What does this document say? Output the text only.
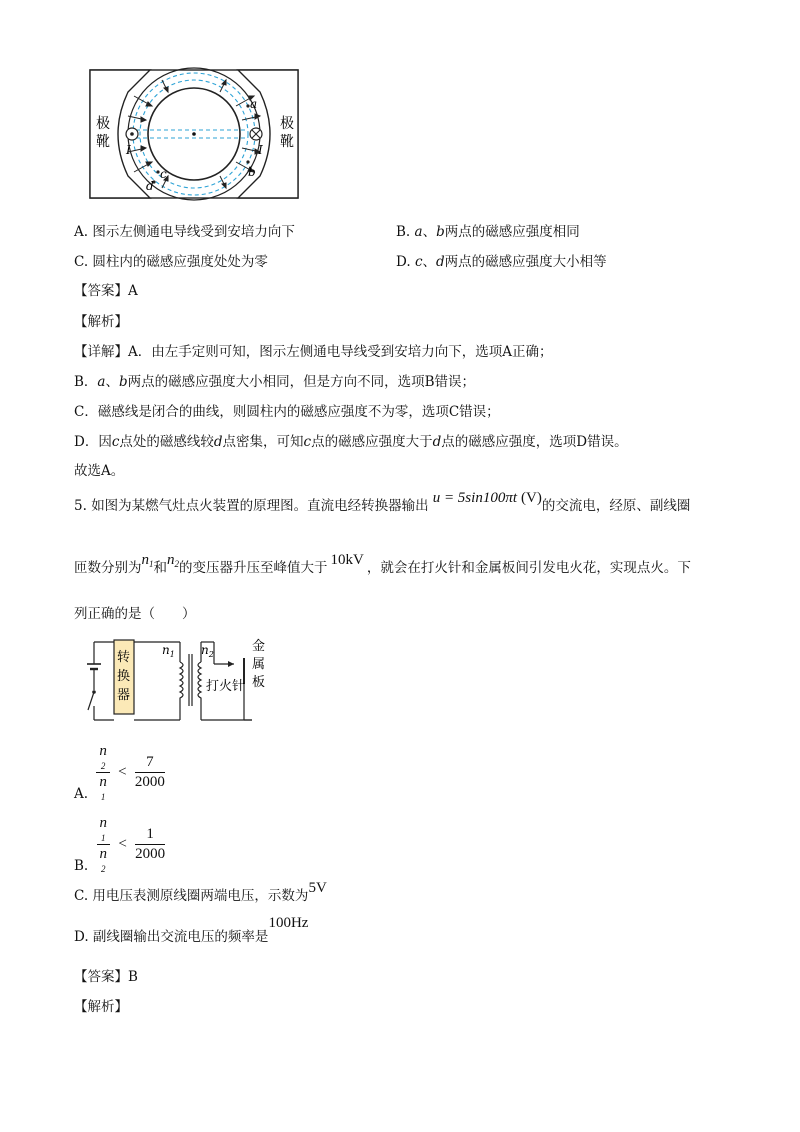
极
靴
极
靴
I	I
a
b
c
d
A. 图示左侧通电导线受到安培力向下	B. a、b两点的磁感应强度相同
C. 圆柱内的磁感应强度处处为零	D. c、d两点的磁感应强度大小相等
【答案】A
【解析】
【详解】A．由左手定则可知，图示左侧通电导线受到安培力向下，选项A正确；
B．a、b两点的磁感应强度大小相同，但是方向不同，选项B错误；
C．磁感线是闭合的曲线，则圆柱内的磁感应强度不为零，选项C错误；
D．因c点处的磁感线较d点密集，可知c点的磁感应强度大于d点的磁感应强度，选项D错误。
故选A。
5. 如图为某燃气灶点火装置的原理图。直流电经转换器输出 u = 5sin100πt (V)的交流电，经原、副线圈
匝数分别为$n_1$和$n_2$的变压器升压至峰值大于 10kV ，就会在打火针和金属板间引发电火花，实现点火。下
列正确的是（　　）
转
换
器
$n_1$ $n_2$
打火针
金
属
板
A. n
2
n
$1 < \frac{7}{2000}$
B. n
1
n
$2 < \frac{1}{2000}$
C. 用电压表测原线圈两端电压，示数为5V
D. 副线圈输出交流电压的频率是100Hz
【答案】B
【解析】
